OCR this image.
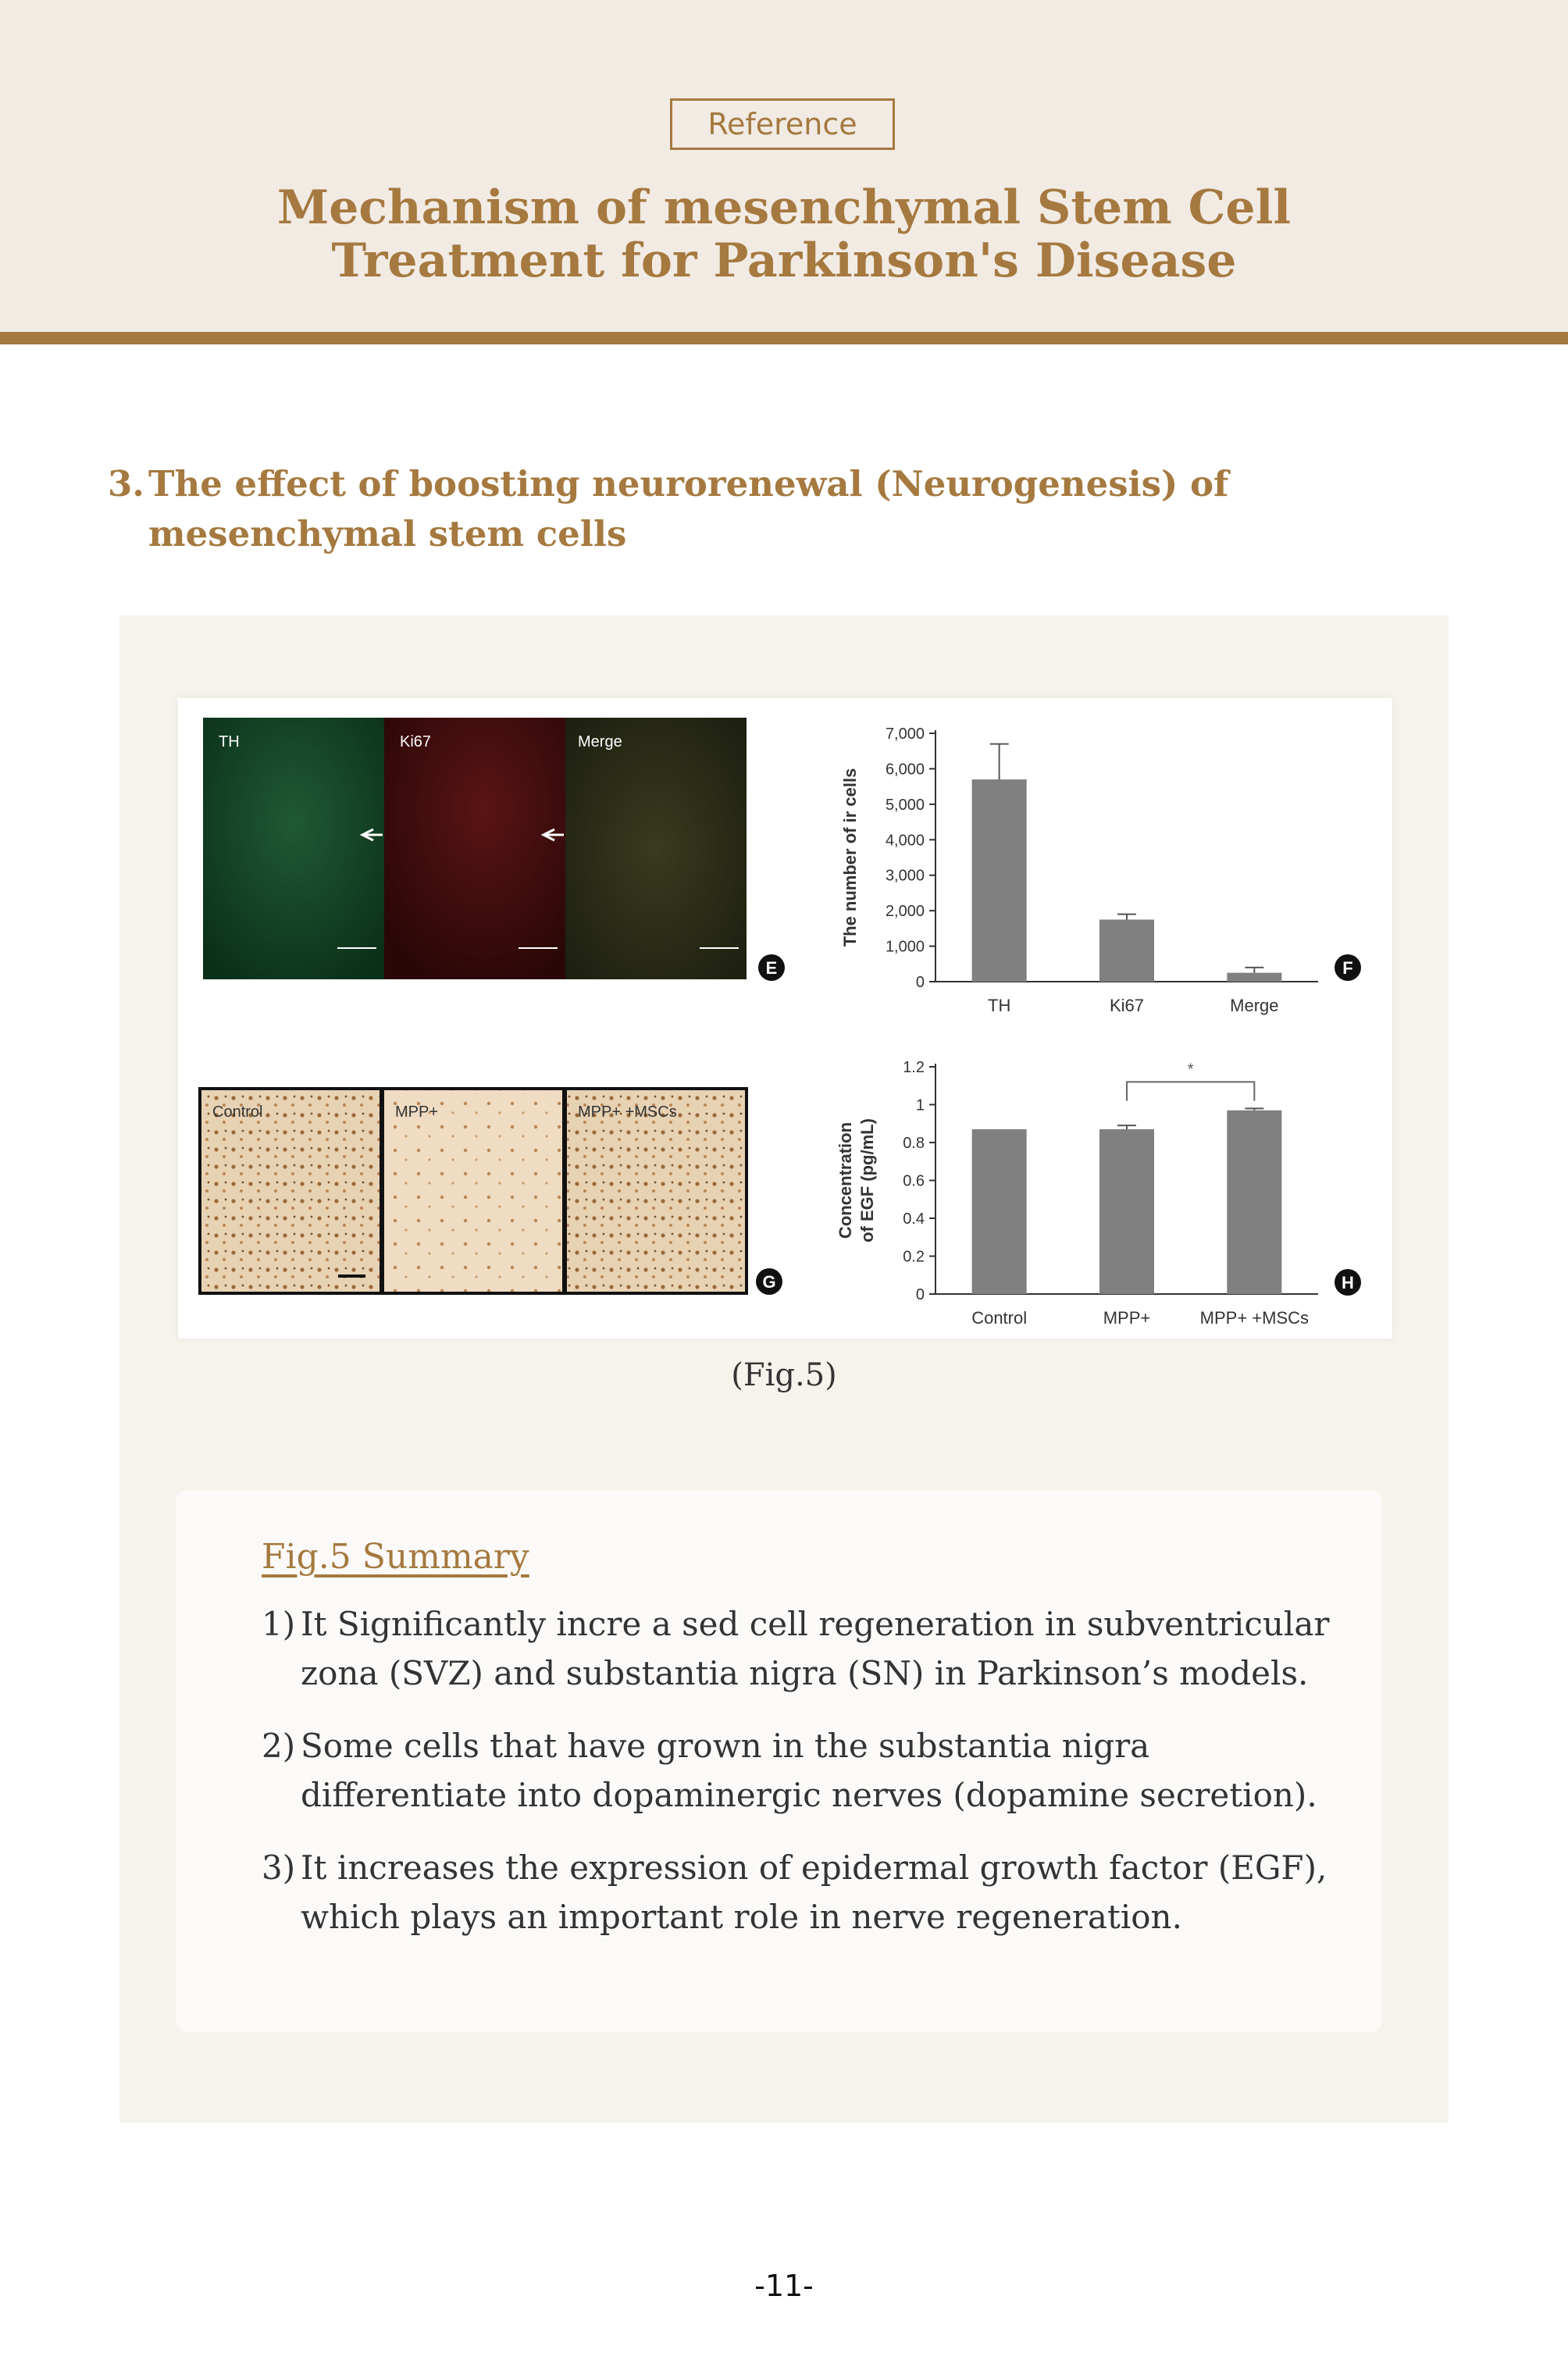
Reference
Mechanism of mesenchymal Stem Cell
Treatment for Parkinson's Disease
3. The effect of boosting neurorenewal (Neurogenesis) of mesenchymal stem cells
TH	Ki67	Merge
E
Control	MPP+	MPP+ +MSCs
G
The number of ir cells
0
1,000
2,000
3,000
4,000
5,000
6,000
7,000
TH	Ki67	Merge
F
Concentration of EGF (pg/mL)
0
0.2
0.4
0.6
0.8
1
1.2
Control	MPP+	MPP+ +MSCs
*
H
(Fig.5)
Fig.5 Summary
1) It Significantly incre a sed cell regeneration in subventricular zona (SVZ) and substantia nigra (SN) in Parkinson’s models.
2) Some cells that have grown in the substantia nigra differentiate into dopaminergic nerves (dopamine secretion).
3) It increases the expression of epidermal growth factor (EGF), which plays an important role in nerve regeneration.
-11-
